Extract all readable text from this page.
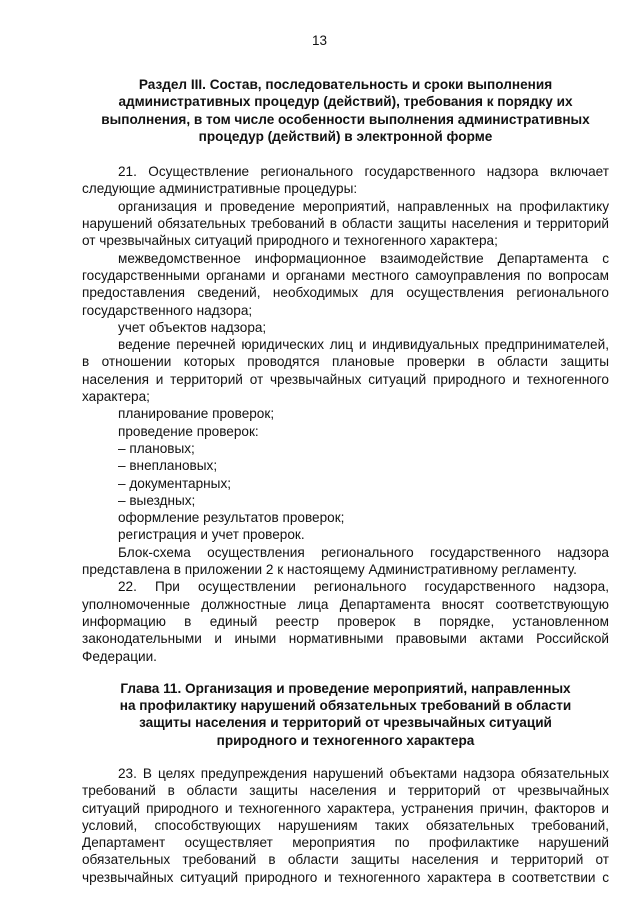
13
Раздел III. Состав, последовательность и сроки выполнения
административных процедур (действий), требования к порядку их
выполнения, в том числе особенности выполнения административных
процедур (действий) в электронной форме
21. Осуществление регионального государственного надзора включает
следующие административные процедуры:
организация и проведение мероприятий, направленных на профилактику
нарушений обязательных требований в области защиты населения и территорий
от чрезвычайных ситуаций природного и техногенного характера;
межведомственное информационное взаимодействие Департамента с
государственными органами и органами местного самоуправления по вопросам
предоставления сведений, необходимых для осуществления регионального
государственного надзора;
учет объектов надзора;
ведение перечней юридических лиц и индивидуальных предпринимателей,
в отношении которых проводятся плановые проверки в области защиты
населения и территорий от чрезвычайных ситуаций природного и техногенного
характера;
планирование проверок;
проведение проверок:
– плановых;
– внеплановых;
– документарных;
– выездных;
оформление результатов проверок;
регистрация и учет проверок.
Блок-схема осуществления регионального государственного надзора
представлена в приложении 2 к настоящему Административному регламенту.
22. При осуществлении регионального государственного надзора,
уполномоченные должностные лица Департамента вносят соответствующую
информацию в единый реестр проверок в порядке, установленном
законодательными и иными нормативными правовыми актами Российской
Федерации.
Глава 11. Организация и проведение мероприятий, направленных
на профилактику нарушений обязательных требований в области
защиты населения и территорий от чрезвычайных ситуаций
природного и техногенного характера
23. В целях предупреждения нарушений объектами надзора обязательных
требований в области защиты населения и территорий от чрезвычайных
ситуаций природного и техногенного характера, устранения причин, факторов и
условий, способствующих нарушениям таких обязательных требований,
Департамент осуществляет мероприятия по профилактике нарушений
обязательных требований в области защиты населения и территорий от
чрезвычайных ситуаций природного и техногенного характера в соответствии с
